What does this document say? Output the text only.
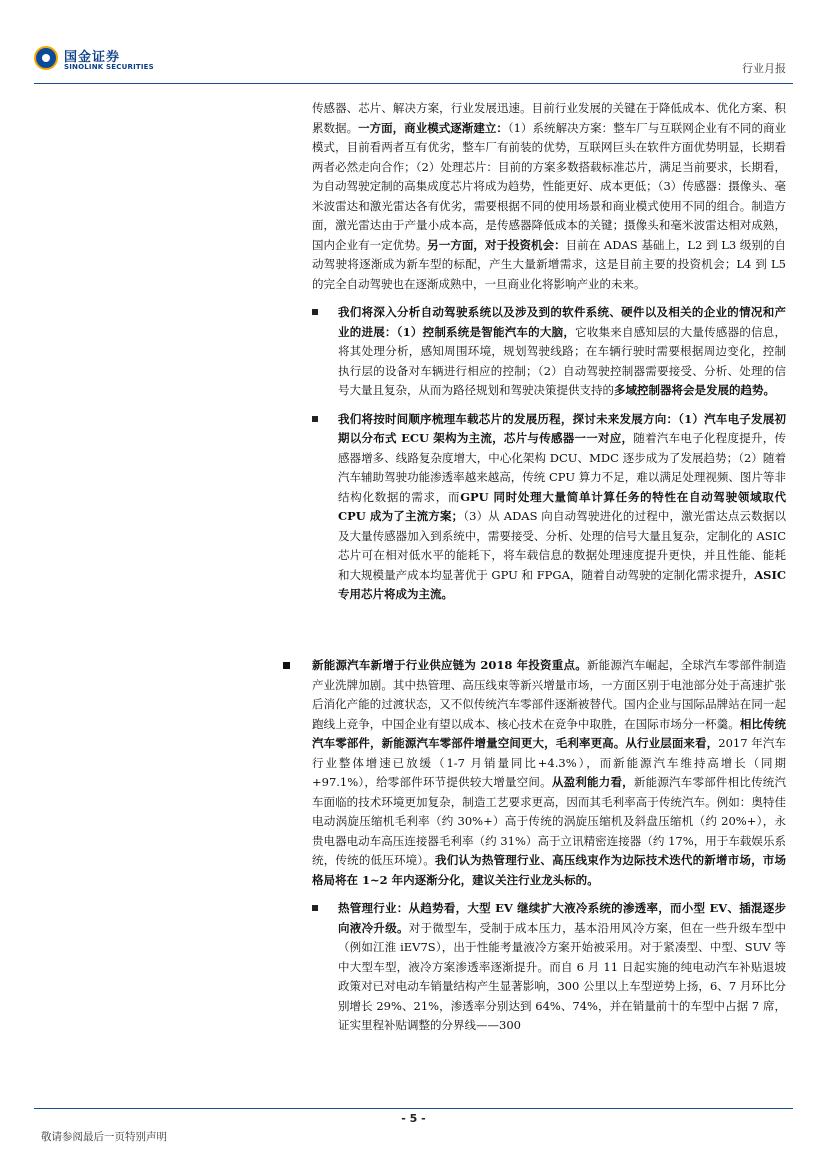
国金证券
SINOLINK SECURITIES	行业月报

传感器、芯片、解决方案，行业发展迅速。目前行业发展的关键在于降低成本、优化方案、积累数据。一方面，商业模式逐渐建立：（1）系统解决方案：整车厂与互联网企业有不同的商业模式，目前看两者互有优劣，整车厂有前装的优势，互联网巨头在软件方面优势明显，长期看两者必然走向合作；（2）处理芯片：目前的方案多数搭载标准芯片，满足当前要求，长期看，为自动驾驶定制的高集成度芯片将成为趋势，性能更好、成本更低；（3）传感器：摄像头、毫米波雷达和激光雷达各有优劣，需要根据不同的使用场景和商业模式使用不同的组合。制造方面，激光雷达由于产量小成本高，是传感器降低成本的关键；摄像头和毫米波雷达相对成熟，国内企业有一定优势。另一方面，对于投资机会：目前在 ADAS 基础上，L2 到 L3 级别的自动驾驶将逐渐成为新车型的标配，产生大量新增需求，这是目前主要的投资机会；L4 到 L5 的完全自动驾驶也在逐渐成熟中，一旦商业化将影响产业的未来。

我们将深入分析自动驾驶系统以及涉及到的软件系统、硬件以及相关的企业的情况和产业的进展：（1）控制系统是智能汽车的大脑，它收集来自感知层的大量传感器的信息，将其处理分析，感知周围环境，规划驾驶线路；在车辆行驶时需要根据周边变化，控制执行层的设备对车辆进行相应的控制；（2）自动驾驶控制器需要接受、分析、处理的信号大量且复杂，从而为路径规划和驾驶决策提供支持的多域控制器将会是发展的趋势。
我们将按时间顺序梳理车载芯片的发展历程，探讨未来发展方向：（1）汽车电子发展初期以分布式 ECU 架构为主流，芯片与传感器一一对应，随着汽车电子化程度提升，传感器增多、线路复杂度增大，中心化架构 DCU、MDC 逐步成为了发展趋势；（2）随着汽车辅助驾驶功能渗透率越来越高，传统 CPU 算力不足，难以满足处理视频、图片等非结构化数据的需求，而GPU 同时处理大量简单计算任务的特性在自动驾驶领域取代 CPU 成为了主流方案；（3）从 ADAS 向自动驾驶进化的过程中，激光雷达点云数据以及大量传感器加入到系统中，需要接受、分析、处理的信号大量且复杂，定制化的 ASIC 芯片可在相对低水平的能耗下，将车载信息的数据处理速度提升更快，并且性能、能耗和大规模量产成本均显著优于 GPU 和 FPGA，随着自动驾驶的定制化需求提升，ASIC 专用芯片将成为主流。
新能源汽车新增于行业供应链为 2018 年投资重点。新能源汽车崛起，全球汽车零部件制造产业洗牌加剧。其中热管理、高压线束等新兴增量市场，一方面区别于电池部分处于高速扩张后消化产能的过渡状态，又不似传统汽车零部件逐渐被替代。国内企业与国际品牌站在同一起跑线上竞争，中国企业有望以成本、核心技术在竞争中取胜，在国际市场分一杯羹。相比传统汽车零部件，新能源汽车零部件增量空间更大，毛利率更高。从行业层面来看，2017 年汽车行业整体增速已放缓（1-7 月销量同比+4.3%），而新能源汽车维持高增长（同期+97.1%），给零部件环节提供较大增量空间。从盈利能力看，新能源汽车零部件相比传统汽车面临的技术环境更加复杂，制造工艺要求更高，因而其毛利率高于传统汽车。例如：奥特佳电动涡旋压缩机毛利率（约 30%+）高于传统的涡旋压缩机及斜盘压缩机（约 20%+），永贵电器电动车高压连接器毛利率（约 31%）高于立讯精密连接器（约 17%，用于车载娱乐系统，传统的低压环境）。我们认为热管理行业、高压线束作为边际技术迭代的新增市场，市场格局将在 1~2 年内逐渐分化，建议关注行业龙头标的。
热管理行业：从趋势看，大型 EV 继续扩大液冷系统的渗透率，而小型 EV、插混逐步向液冷升级。对于微型车，受制于成本压力，基本沿用风冷方案，但在一些升级车型中（例如江淮 iEV7S），出于性能考量液冷方案开始被采用。对于紧凑型、中型、SUV 等中大型车型，液冷方案渗透率逐渐提升。而自 6 月 11 日起实施的纯电动汽车补贴退坡政策对已对电动车销量结构产生显著影响，300 公里以上车型逆势上扬，6、7 月环比分别增长 29%、21%，渗透率分别达到 64%、74%，并在销量前十的车型中占据 7 席，证实里程补贴调整的分界线——300
- 5 -
敬请参阅最后一页特别声明
